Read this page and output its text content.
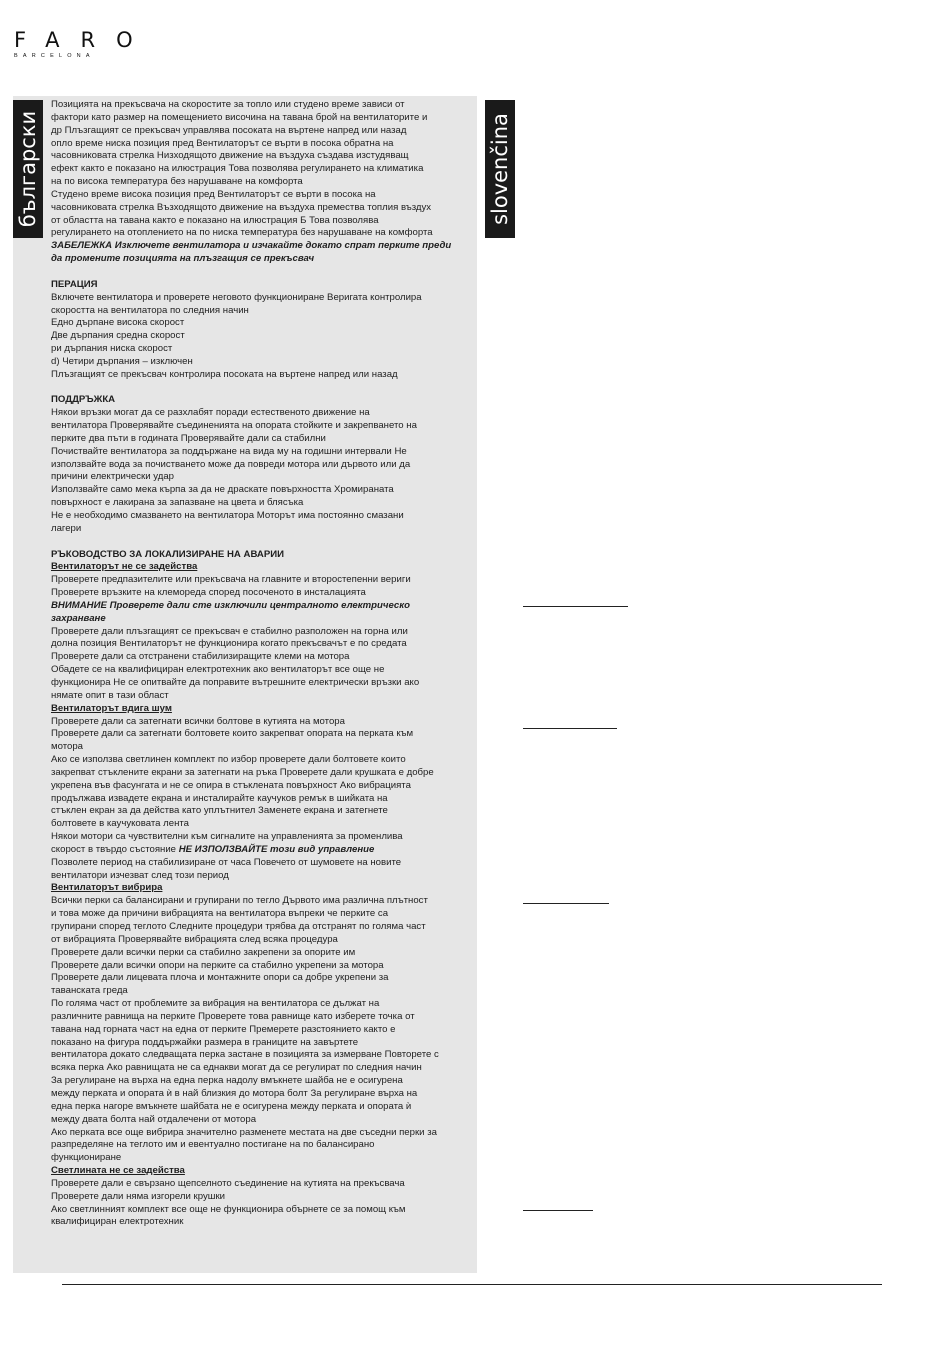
FARO
BARCELONA
български	slovenčina

Позицията на прекъсвача на скоростите за топло или студено време зависи от

фактори като размер на помещението височина на тавана брой на вентилаторите и

др Плъзгащият се прекъсвач управлява посоката на въртене напред или назад

опло време ниска позиция пред Вентилаторът се върти в посока обратна на

часовниковата стрелка Низходящото движение на въздуха създава изстудяващ

ефект както е показано на илюстрация Това позволява регулирането на климатика

на по висока температура без нарушаване на комфорта

Студено време висока позиция пред Вентилаторът се върти в посока на

часовниковата стрелка Възходящото движение на въздуха премества топлия въздух

от областта на тавана както е показано на илюстрация Б Това позволява

регулирането на отоплението на по ниска температура без нарушаване на комфорта

ЗАБЕЛЕЖКА Изключете вентилатора и изчакайте докато спрат перките преди

да промените позицията на плъзгащия се прекъсвач

ПЕРАЦИЯ

Включете вентилатора и проверете неговото функциониране Веригата контролира

скоростта на вентилатора по следния начин

Едно дърпане висока скорост

Две дърпания средна скорост

ри дърпания ниска скорост

d) Четири дърпания – изключен

Плъзгащият се прекъсвач контролира посоката на въртене напред или назад

ПОДДРЪЖКА

Някои връзки могат да се разхлабят поради естественото движение на

вентилатора Проверявайте съединенията на опората стойките и закрепването на

перките два пъти в годината Проверявайте дали са стабилни

Почиствайте вентилатора за поддържане на вида му на годишни интервали Не

използвайте вода за почистването може да повреди мотора или дървото или да

причини електрически удар

Използвайте само мека кърпа за да не драскате повърхността Хромираната

повърхност е лакирана за запазване на цвета и блясъка

Не е необходимо смазването на вентилатора Моторът има постоянно смазани

лагери

РЪКОВОДСТВО ЗА ЛОКАЛИЗИРАНЕ НА АВАРИИ

Вентилаторът не се задейства

Проверете предпазителите или прекъсвача на главните и второстепенни вериги

Проверете връзките на клемореда според посоченото в инсталацията

ВНИМАНИЕ Проверете дали сте изключили централното електрическо

захранване

Проверете дали плъзгащият се прекъсвач е стабилно разположен на горна или

долна позиция Вентилаторът не функционира когато прекъсвачът е по средата

Проверете дали са отстранени стабилизиращите клеми на мотора

Обадете се на квалифициран електротехник ако вентилаторът все още не

функционира Не се опитвайте да поправите вътрешните електрически връзки ако

нямате опит в тази област

Вентилаторът вдига шум

Проверете дали са затегнати всички болтове в кутията на мотора

Проверете дали са затегнати болтовете които закрепват опората на перката към

мотора

Ако се използва светлинен комплект по избор проверете дали болтовете които

закрепват стъклените екрани за затегнати на ръка Проверете дали крушката е добре

укрепена във фасунгата и не се опира в стъклената повърхност Ако вибрацията

продължава извадете екрана и инсталирайте каучуков ремък в шийката на

стъклен екран за да действа като уплътнител Заменете екрана и затегнете

болтовете в каучуковата лента

Някои мотори са чувствителни към сигналите на управленията за променлива

скорост в твърдо състояние НЕ ИЗПОЛЗВАЙТЕ този вид управление

Позволете период на стабилизиране от часа Повечето от шумовете на новите

вентилатори изчезват след този период

Вентилаторът вибрира

Всички перки са балансирани и групирани по тегло Дървото има различна плътност

и това може да причини вибрацията на вентилатора въпреки че перките са

групирани според теглото Следните процедури трябва да отстранят по голяма част

от вибрацията Проверявайте вибрацията след всяка процедура

Проверете дали всички перки са стабилно закрепени за опорите им

Проверете дали всички опори на перките са стабилно укрепени за мотора

Проверете дали лицевата плоча и монтажните опори са добре укрепени за

таванската греда

По голяма част от проблемите за вибрация на вентилатора се дължат на

различните равнища на перките Проверете това равнище като изберете точка от

тавана над горната част на една от перките Премерете разстоянието както е

показано на фигура поддържайки размера в границите на завъртете

вентилатора докато следващата перка застане в позицията за измерване Повторете с

всяка перка Ако равнищата не са еднакви могат да се регулират по следния начин

За регулиране на върха на една перка надолу вмъкнете шайба не е осигурена

между перката и опората ѝ в най близкия до мотора болт За регулиране върха на

една перка нагоре вмъкнете шайбата не е осигурена между перката и опората ѝ

между двата болта най отдалечени от мотора

Ако перката все още вибрира значително разменете местата на две съседни перки за

разпределяне на теглото им и евентуално постигане на по балансирано

функциониране

Светлината не се задейства

Проверете дали е свързано щепселното съединение на кутията на прекъсвача

Проверете дали няма изгорели крушки

Ако светлинният комплект все още не функционира обърнете се за помощ към

квалифициран електротехник
